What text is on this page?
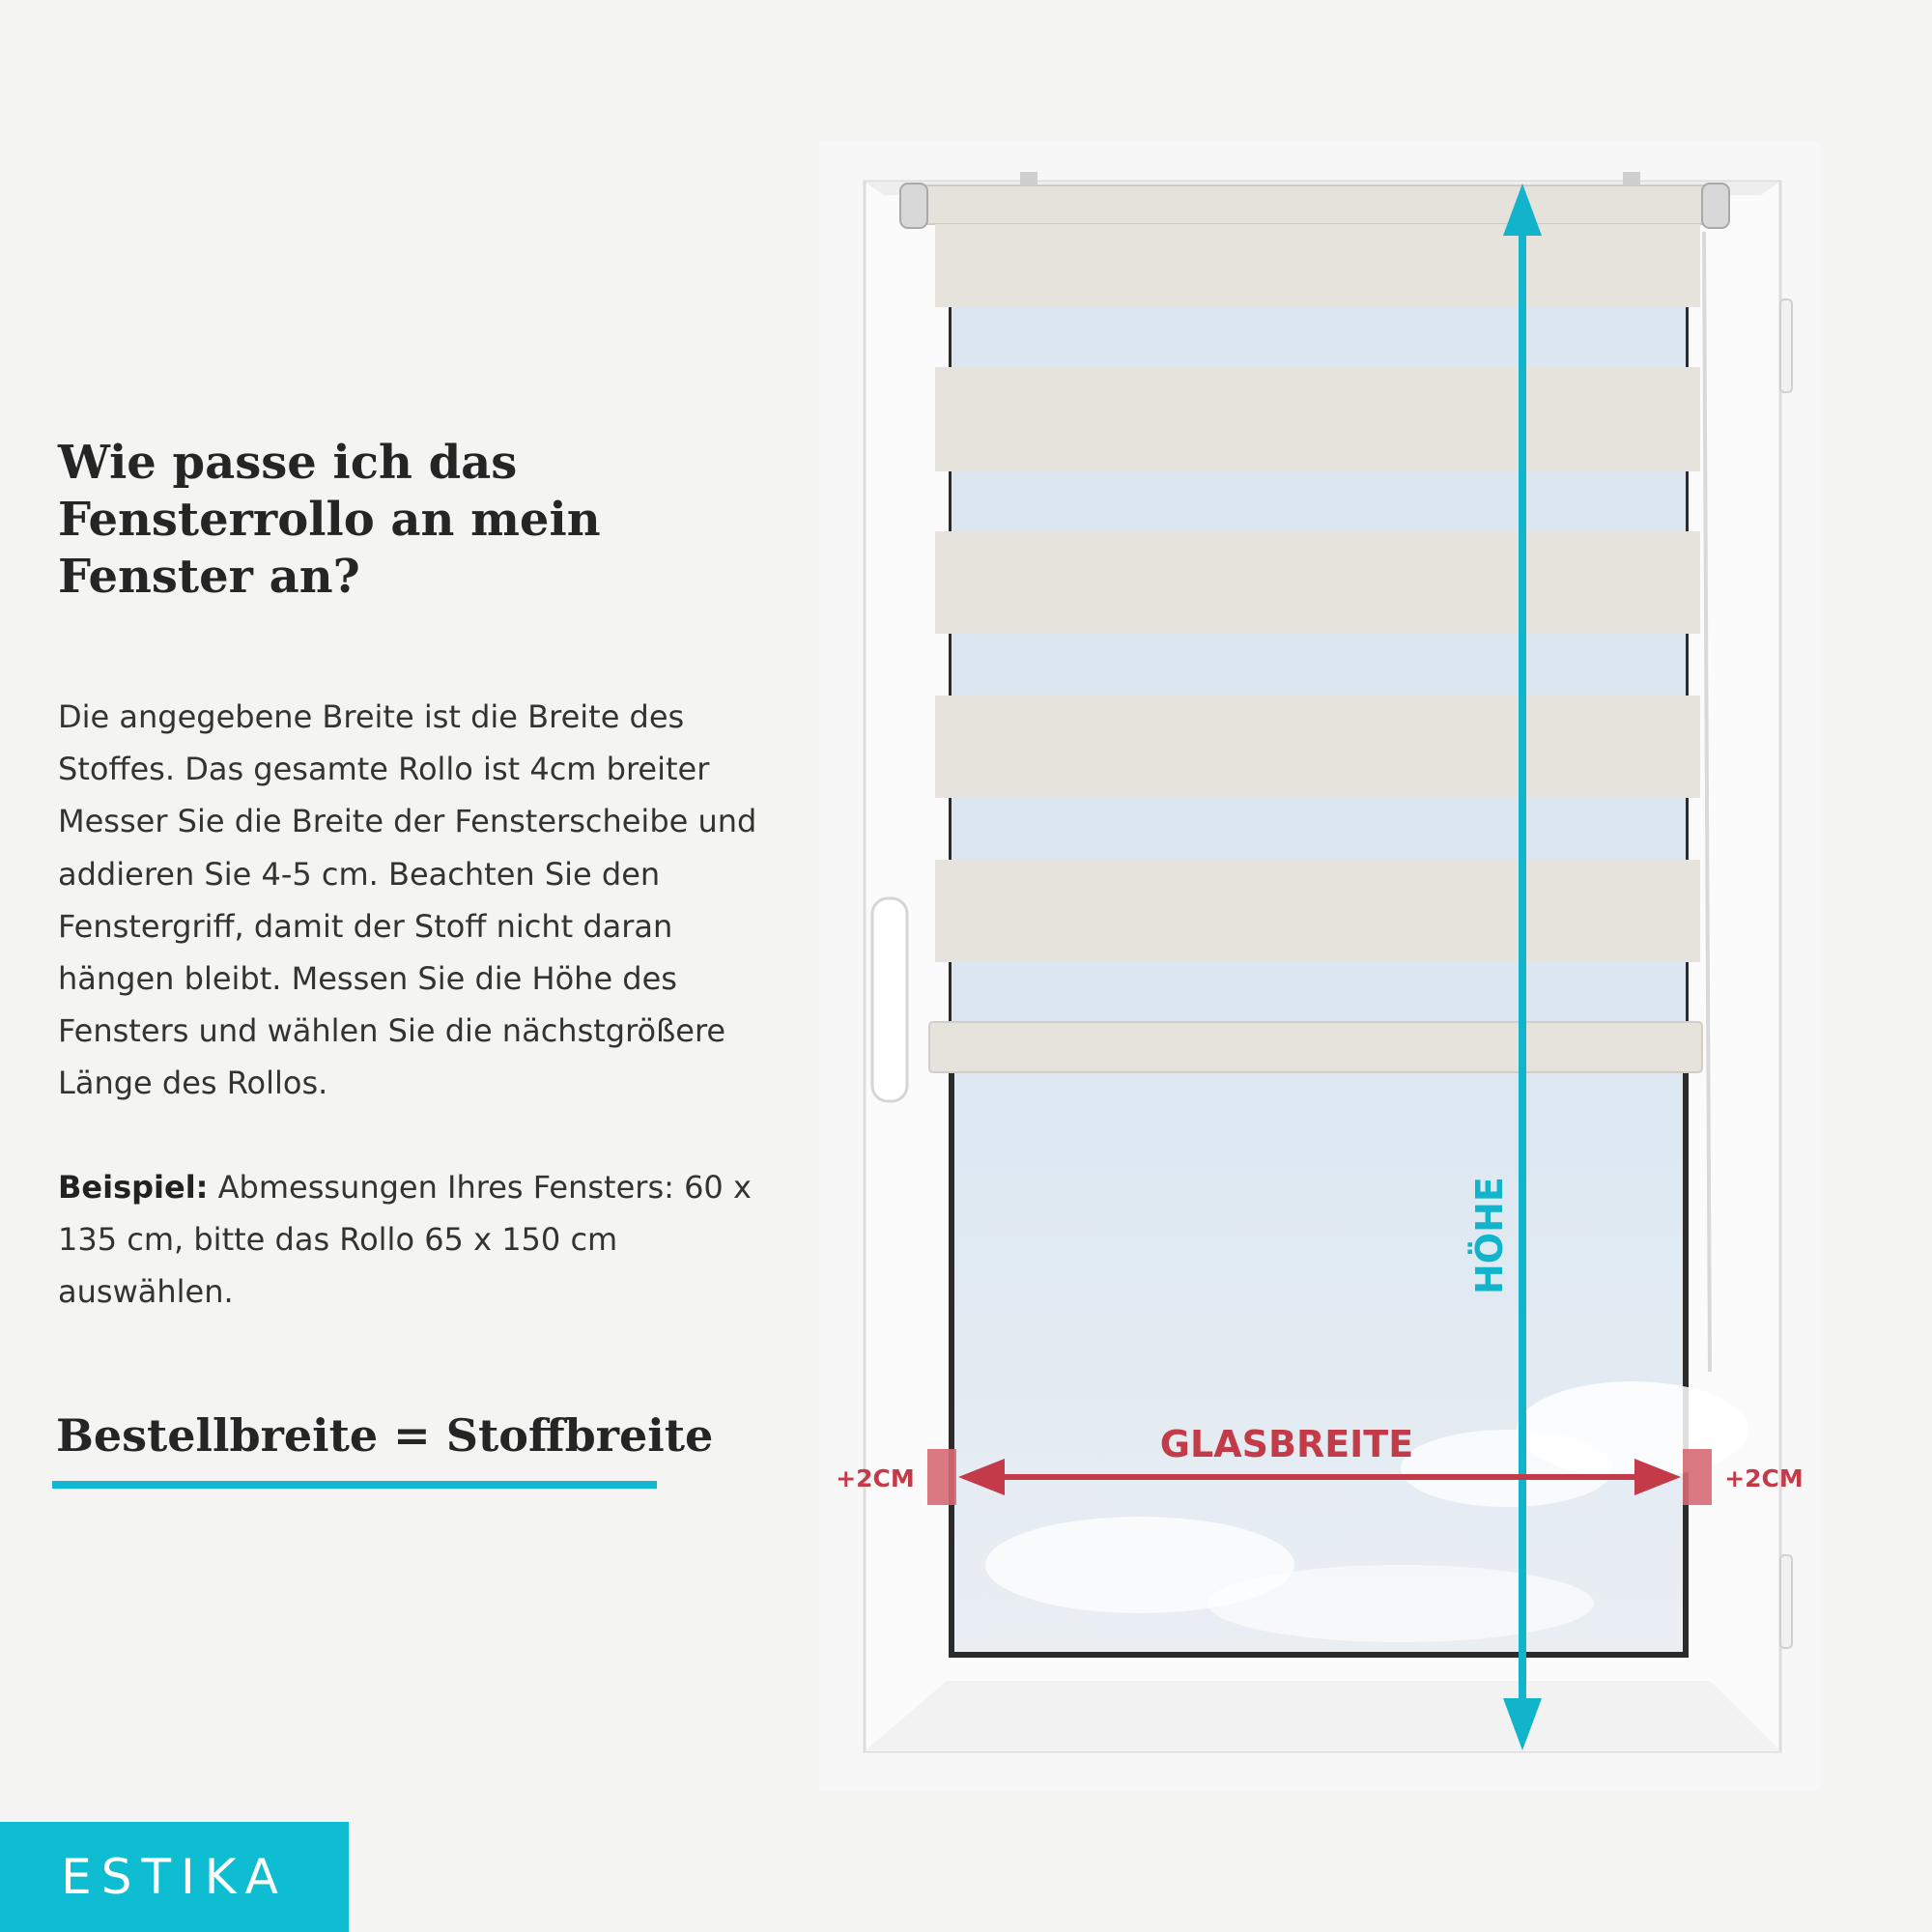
Wie passe ich das Fensterrollo an mein Fenster an?

Die angegebene Breite ist die Breite des Stoffes. Das gesamte Rollo ist 4cm breiter Messer Sie die Breite der Fensterscheibe und addieren Sie 4-5 cm. Beachten Sie den Fenstergriff, damit der Stoff nicht daran hängen bleibt. Messen Sie die Höhe des Fensters und wählen Sie die nächstgrößere Länge des Rollos.

Beispiel: Abmessungen Ihres Fensters: 60 x 135 cm, bitte das Rollo 65 x 150 cm auswählen.

Bestellbreite = Stoffbreite
HÖHE
GLASBREITE
+2CM	+2CM
ESTIKA
